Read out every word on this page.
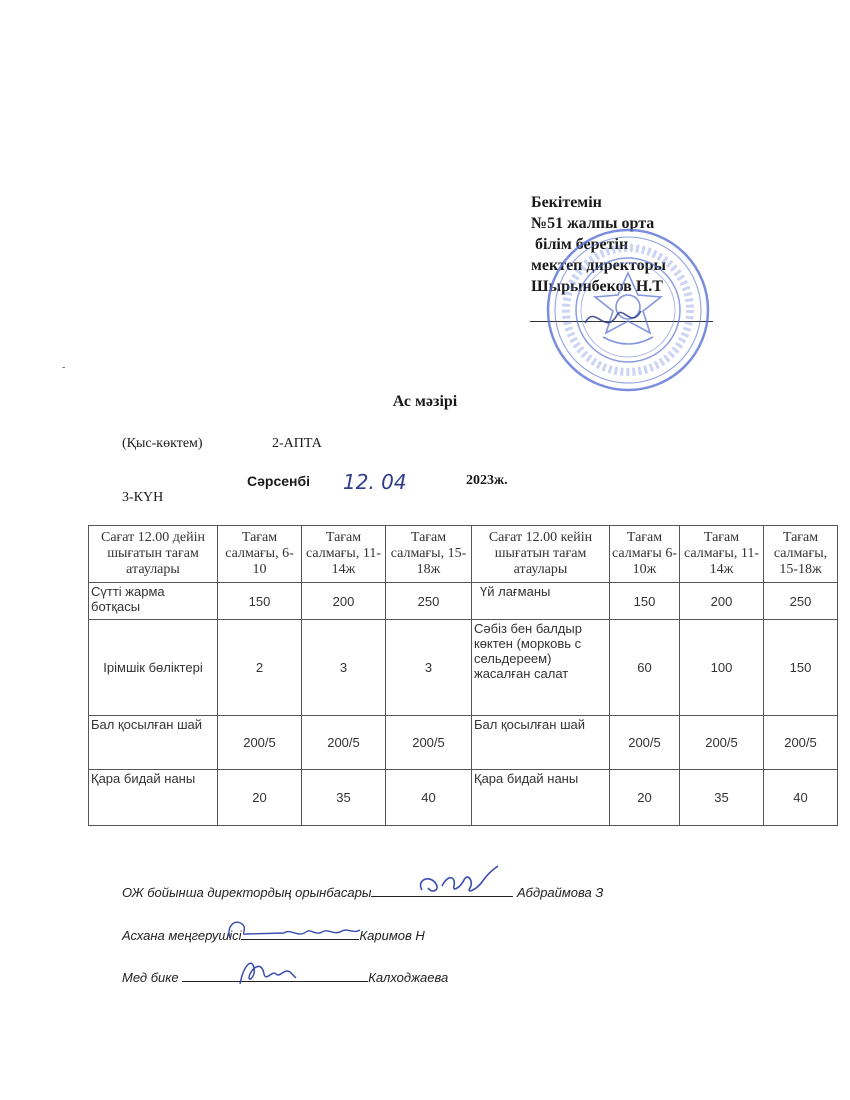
Бекітемін
№51 жалпы орта
білім беретін
мектеп директоры
Шырынбеков Н.Т
Ас мәзірі
(Қыс-көктем)	2-АПТА
Сәрсенбі 12. 04	2023ж.
3-КҮН
Сағат 12.00 дейін шығатын тағам атаулары	Тағам салмағы, 6-10	Тағам салмағы, 11-14ж	Тағам салмағы, 15-18ж	Сағат 12.00 кейін шығатын тағам атаулары	Тағам салмағы 6-10ж	Тағам салмағы, 11-14ж	Тағам салмағы, 15-18ж
Сүтті жарма ботқасы	150	200	250	Үй лағманы	150	200	250
Ірімшік бөліктері	2	3	3	Сәбіз бен балдыр көктен (морковь с сельдереем) жасалған салат	60	100	150
Бал қосылған шай	200/5	200/5	200/5	Бал қосылған шай	200/5	200/5	200/5
Қара бидай наны	20	35	40	Қара бидай наны	20	35	40
ОЖ бойынша директордың орынбасары	Абдраймова З
Асхана меңгерушісі	Каримов Н
Мед бике	Калходжаева
-
